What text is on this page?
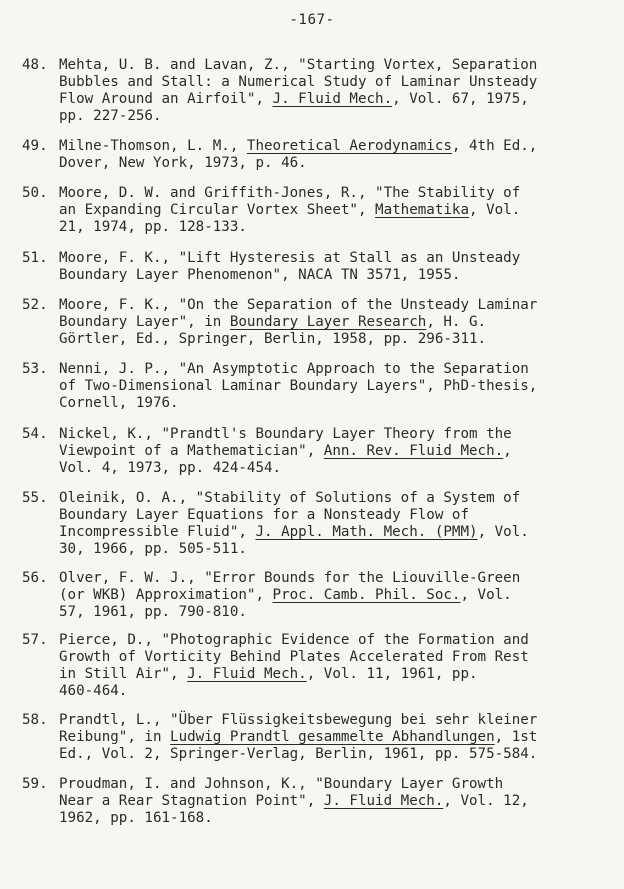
-167-
48. Mehta, U. B. and Lavan, Z., "Starting Vortex, Separation
Bubbles and Stall: a Numerical Study of Laminar Unsteady
Flow Around an Airfoil", J. Fluid Mech., Vol. 67, 1975,
pp. 227-256.
49. Milne-Thomson, L. M., Theoretical Aerodynamics, 4th Ed.,
Dover, New York, 1973, p. 46.
50. Moore, D. W. and Griffith-Jones, R., "The Stability of
an Expanding Circular Vortex Sheet", Mathematika, Vol.
21, 1974, pp. 128-133.
51. Moore, F. K., "Lift Hysteresis at Stall as an Unsteady
Boundary Layer Phenomenon", NACA TN 3571, 1955.
52. Moore, F. K., "On the Separation of the Unsteady Laminar
Boundary Layer", in Boundary Layer Research, H. G.
Görtler, Ed., Springer, Berlin, 1958, pp. 296-311.
53. Nenni, J. P., "An Asymptotic Approach to the Separation
of Two-Dimensional Laminar Boundary Layers", PhD-thesis,
Cornell, 1976.
54. Nickel, K., "Prandtl's Boundary Layer Theory from the
Viewpoint of a Mathematician", Ann. Rev. Fluid Mech.,
Vol. 4, 1973, pp. 424-454.
55. Oleinik, O. A., "Stability of Solutions of a System of
Boundary Layer Equations for a Nonsteady Flow of
Incompressible Fluid", J. Appl. Math. Mech. (PMM), Vol.
30, 1966, pp. 505-511.
56. Olver, F. W. J., "Error Bounds for the Liouville-Green
(or WKB) Approximation", Proc. Camb. Phil. Soc., Vol.
57, 1961, pp. 790-810.
57. Pierce, D., "Photographic Evidence of the Formation and
Growth of Vorticity Behind Plates Accelerated From Rest
in Still Air", J. Fluid Mech., Vol. 11, 1961, pp.
460-464.
58. Prandtl, L., "Über Flüssigkeitsbewegung bei sehr kleiner
Reibung", in Ludwig Prandtl gesammelte Abhandlungen, 1st
Ed., Vol. 2, Springer-Verlag, Berlin, 1961, pp. 575-584.
59. Proudman, I. and Johnson, K., "Boundary Layer Growth
Near a Rear Stagnation Point", J. Fluid Mech., Vol. 12,
1962, pp. 161-168.
